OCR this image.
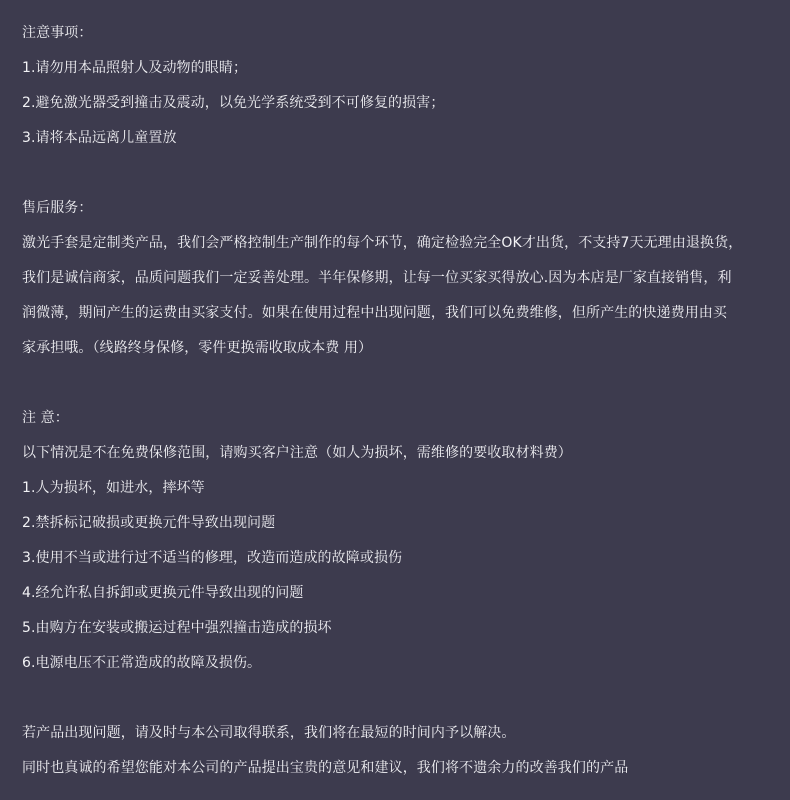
注意事项：
1.请勿用本品照射人及动物的眼睛；
2.避免激光器受到撞击及震动，以免光学系统受到不可修复的损害；
3.请将本品远离儿童置放
售后服务：
激光手套是定制类产品，我们会严格控制生产制作的每个环节，确定检验完全OK才出货，不支持7天无理由退换货，
我们是诚信商家，品质问题我们一定妥善处理。半年保修期，让每一位买家买得放心.因为本店是厂家直接销售，利
润微薄，期间产生的运费由买家支付。如果在使用过程中出现问题，我们可以免费维修，但所产生的快递费用由买
家承担哦。（线路终身保修，零件更换需收取成本费 用）
注 意：
以下情况是不在免费保修范围，请购买客户注意（如人为损坏，需维修的要收取材料费）
1.人为损坏，如进水，摔坏等
2.禁拆标记破损或更换元件导致出现问题
3.使用不当或进行过不适当的修理，改造而造成的故障或损伤
4.经允许私自拆卸或更换元件导致出现的问题
5.由购方在安装或搬运过程中强烈撞击造成的损坏
6.电源电压不正常造成的故障及损伤。
若产品出现问题，请及时与本公司取得联系，我们将在最短的时间内予以解决。
同时也真诚的希望您能对本公司的产品提出宝贵的意见和建议，我们将不遗余力的改善我们的产品
